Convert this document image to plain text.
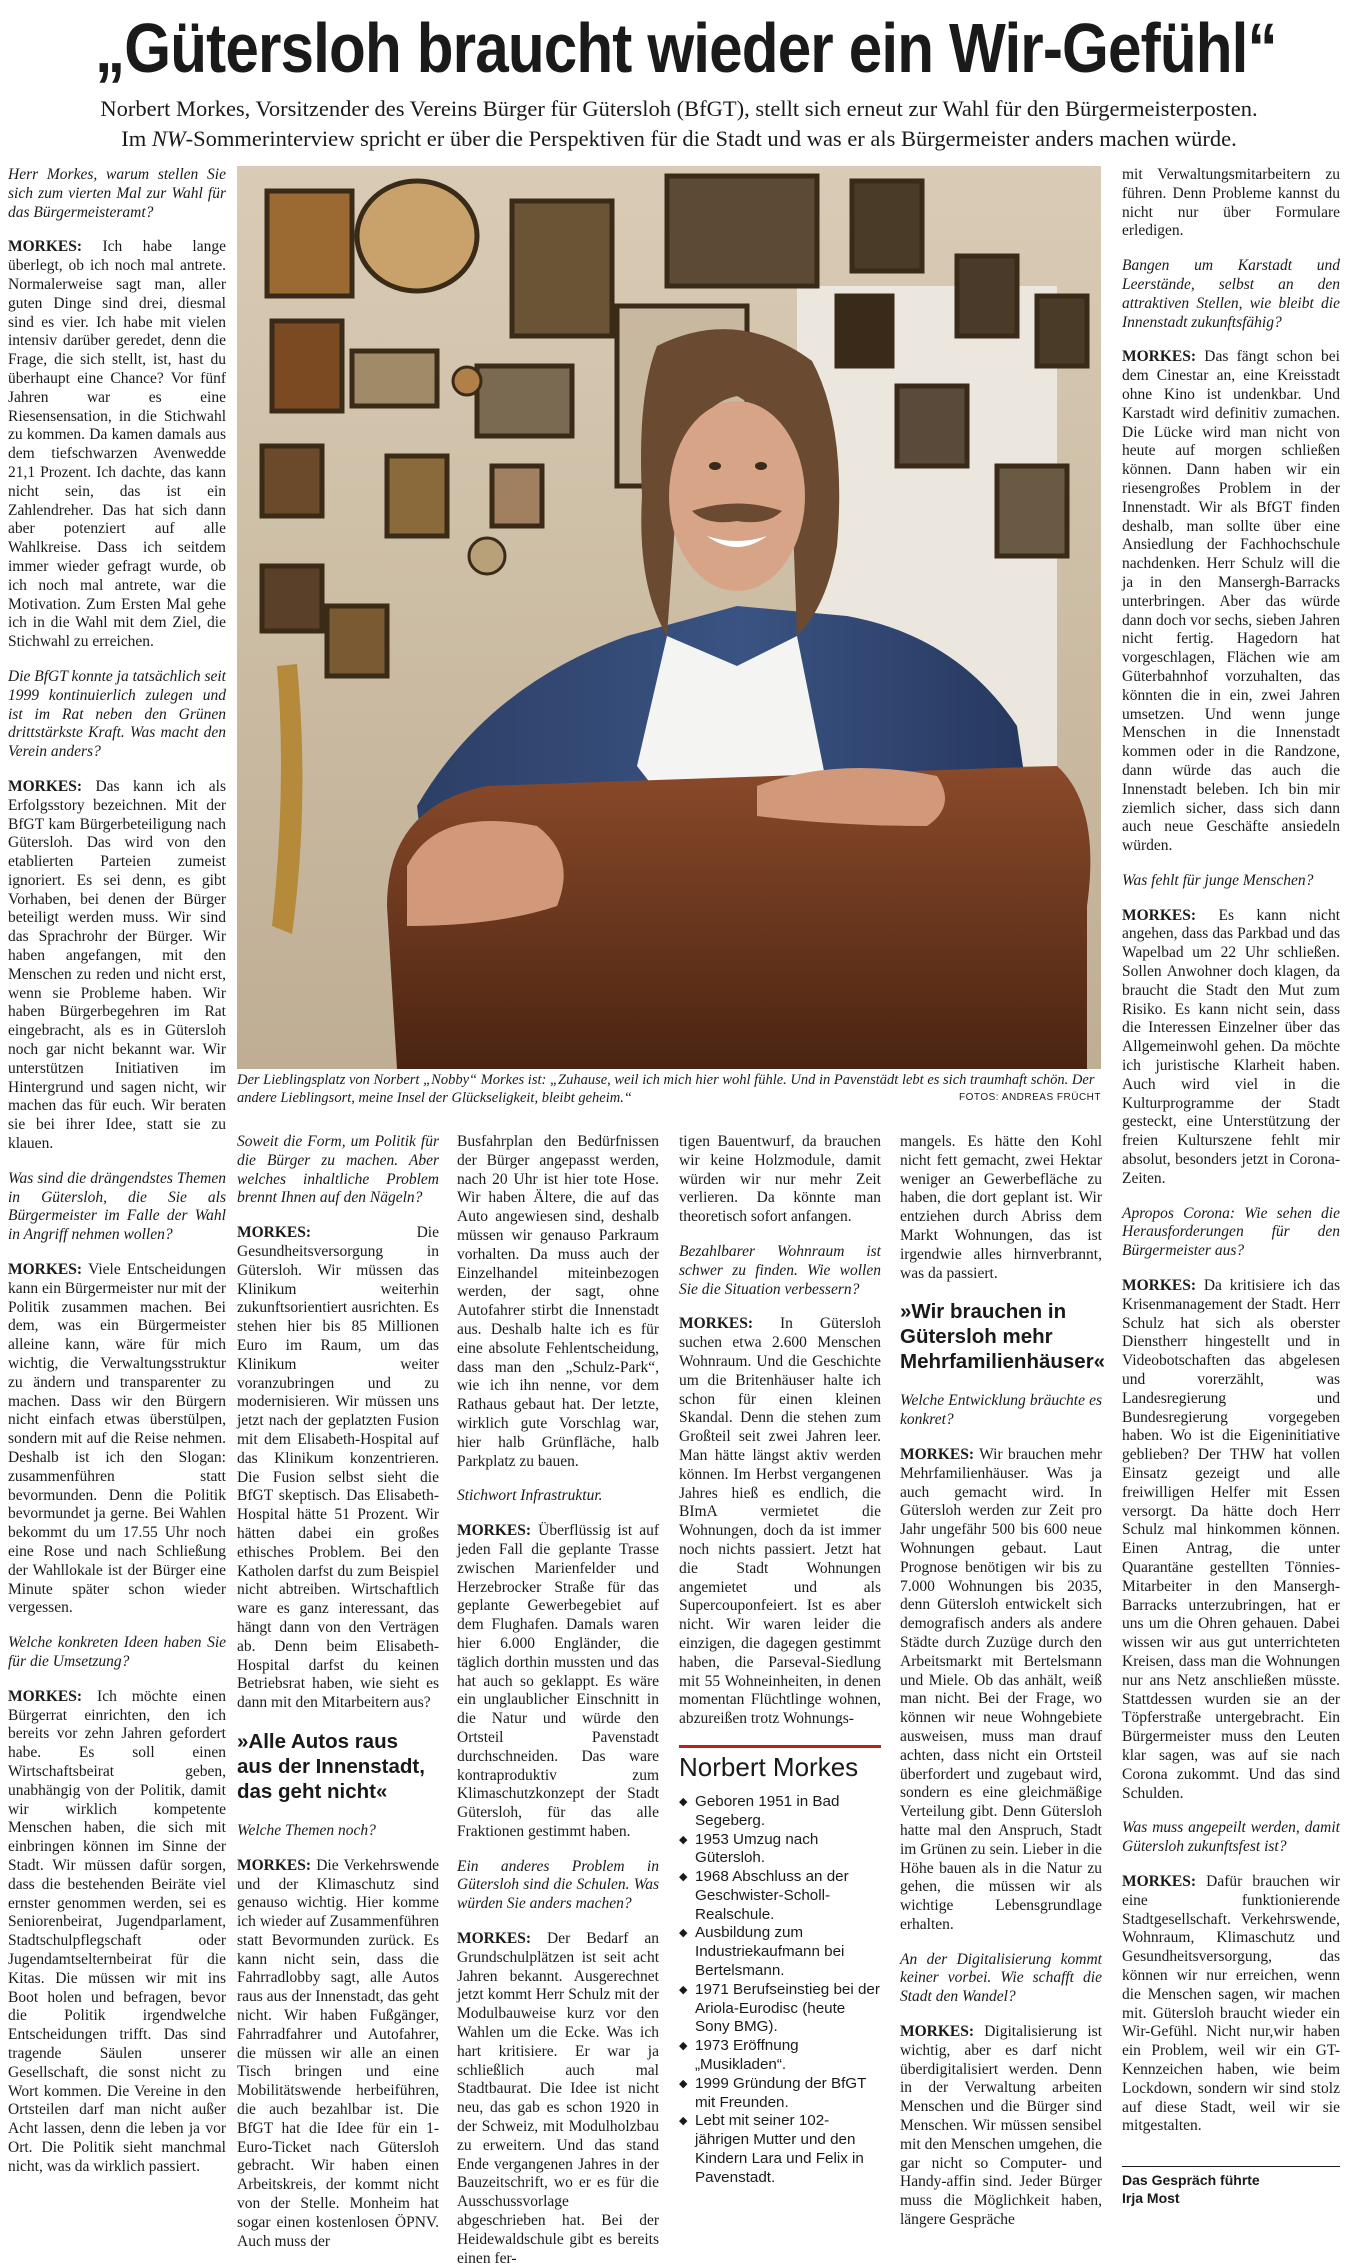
„Gütersloh braucht wieder ein Wir-Gefühl“

Norbert Morkes, Vorsitzender des Vereins Bürger für Gütersloh (BfGT), stellt sich erneut zur Wahl für den Bürgermeisterposten.

Im NW-Sommerinterview spricht er über die Perspektiven für die Stadt und was er als Bürgermeister anders machen würde.

Herr Morkes, warum stellen Sie sich zum vierten Mal zur Wahl für das Bürgermeisteramt?

MORKES: Ich habe lange überlegt, ob ich noch mal antrete. Normalerweise sagt man, aller guten Dinge sind drei, diesmal sind es vier. Ich habe mit vielen intensiv darüber geredet, denn die Frage, die sich stellt, ist, hast du überhaupt eine Chance? Vor fünf Jahren war es eine Riesensensation, in die Stichwahl zu kommen. Da kamen damals aus dem tiefschwarzen Avenwedde 21,1 Prozent. Ich dachte, das kann nicht sein, das ist ein Zahlendreher. Das hat sich dann aber potenziert auf alle Wahlkreise. Dass ich seitdem immer wieder gefragt wurde, ob ich noch mal antrete, war die Motivation. Zum Ersten Mal gehe ich in die Wahl mit dem Ziel, die Stichwahl zu erreichen.

Die BfGT konnte ja tatsächlich seit 1999 kontinuierlich zulegen und ist im Rat neben den Grünen drittstärkste Kraft. Was macht den Verein anders?

MORKES: Das kann ich als Erfolgsstory bezeichnen. Mit der BfGT kam Bürgerbeteiligung nach Gütersloh. Das wird von den etablierten Parteien zumeist ignoriert. Es sei denn, es gibt Vorhaben, bei denen der Bürger beteiligt werden muss. Wir sind das Sprachrohr der Bürger. Wir haben angefangen, mit den Menschen zu reden und nicht erst, wenn sie Probleme haben. Wir haben Bürgerbegehren im Rat eingebracht, als es in Gütersloh noch gar nicht bekannt war. Wir unterstützen Initiativen im Hintergrund und sagen nicht, wir machen das für euch. Wir beraten sie bei ihrer Idee, statt sie zu klauen.

Was sind die drängendstes Themen in Gütersloh, die Sie als Bürgermeister im Falle der Wahl in Angriff nehmen wollen?

MORKES: Viele Entscheidungen kann ein Bürgermeister nur mit der Politik zusammen machen. Bei dem, was ein Bürgermeister alleine kann, wäre für mich wichtig, die Verwaltungsstruktur zu ändern und transparenter zu machen. Dass wir den Bürgern nicht einfach etwas überstülpen, sondern mit auf die Reise nehmen. Deshalb ist ich den Slogan: zusammenführen statt bevormunden. Denn die Politik bevormundet ja gerne. Bei Wahlen bekommt du um 17.55 Uhr noch eine Rose und nach Schließung der Wahllokale ist der Bürger eine Minute später schon wieder vergessen.

Welche konkreten Ideen haben Sie für die Umsetzung?

MORKES: Ich möchte einen Bürgerrat einrichten, den ich bereits vor zehn Jahren gefordert habe. Es soll einen Wirtschaftsbeirat geben, unabhängig von der Politik, damit wir wirklich kompetente Menschen haben, die sich mit einbringen können im Sinne der Stadt. Wir müssen dafür sorgen, dass die bestehenden Beiräte viel ernster genommen werden, sei es Seniorenbeirat, Jugendparlament, Stadtschulpflegschaft oder Jugendamtselternbeirat für die Kitas. Die müssen wir mit ins Boot holen und befragen, bevor die Politik irgendwelche Entscheidungen trifft. Das sind tragende Säulen unserer Gesellschaft, die sonst nicht zu Wort kommen. Die Vereine in den Ortsteilen darf man nicht außer Acht lassen, denn die leben ja vor Ort. Die Politik sieht manchmal nicht, was da wirklich passiert.

Der Lieblingsplatz von Norbert „Nobby“ Morkes ist: „Zuhause, weil ich mich hier wohl fühle. Und in Pavenstädt lebt es sich traumhaft schön. Der andere Lieblingsort, meine Insel der Glückseligkeit, bleibt geheim.“	FOTOS: ANDREAS FRÜCHT

Soweit die Form, um Politik für die Bürger zu machen. Aber welches inhaltliche Problem brennt Ihnen auf den Nägeln?

MORKES:	Die Gesundheitsversorgung in Gütersloh. Wir müssen das Klinikum weiterhin zukunftsorientiert ausrichten. Es stehen hier bis 85 Millionen Euro im Raum, um das Klinikum weiter voranzubringen und zu modernisieren. Wir müssen uns jetzt nach der geplatzten Fusion mit dem Elisabeth-Hospital auf das Klinikum konzentrieren. Die Fusion selbst sieht die BfGT skeptisch. Das Elisabeth-Hospital hätte 51 Prozent. Wir hätten dabei ein großes ethisches Problem. Bei den Katholen darfst du zum Beispiel nicht abtreiben. Wirtschaftlich ware es ganz interessant, das hängt dann von den Verträgen ab. Denn beim Elisabeth-Hospital darfst du keinen Betriebsrat haben, wie sieht es dann mit den Mitarbeitern aus?

»Alle Autos raus aus der Innenstadt, das geht nicht«

Welche Themen noch?

MORKES: Die Verkehrswende und der Klimaschutz sind genauso wichtig. Hier komme ich wieder auf Zusammenführen statt Bevormunden zurück. Es kann nicht sein, dass die Fahrradlobby sagt, alle Autos raus aus der Innenstadt, das geht nicht. Wir haben Fußgänger, Fahrradfahrer und Autofahrer, die müssen wir alle an einen Tisch bringen und eine Mobilitätswende herbeiführen, die auch bezahlbar ist. Die BfGT hat die Idee für ein 1-Euro-Ticket nach Gütersloh gebracht. Wir haben einen Arbeitskreis, der kommt nicht von der Stelle. Monheim hat sogar einen kostenlosen ÖPNV. Auch muss der

Busfahrplan den Bedürfnissen der Bürger angepasst werden, nach 20 Uhr ist hier tote Hose. Wir haben Ältere, die auf das Auto angewiesen sind, deshalb müssen wir genauso Parkraum vorhalten. Da muss auch der Einzelhandel miteinbezogen werden, der sagt, ohne Autofahrer stirbt die Innenstadt aus. Deshalb halte ich es für eine absolute Fehlentscheidung, dass man den „Schulz-Park“, wie ich ihn nenne, vor dem Rathaus gebaut hat. Der letzte, wirklich gute Vorschlag war, hier halb Grünfläche, halb Parkplatz zu bauen.

Stichwort Infrastruktur.

MORKES: Überflüssig ist auf jeden Fall die geplante Trasse zwischen Marienfelder und Herzebrocker Straße für das geplante Gewerbegebiet auf dem Flughafen. Damals waren hier 6.000 Engländer, die täglich dorthin mussten und das hat auch so geklappt. Es wäre ein unglaublicher Einschnitt in die Natur und würde den Ortsteil Pavenstadt durchschneiden. Das ware kontraproduktiv zum Klimaschutzkonzept der Stadt Gütersloh, für das alle Fraktionen gestimmt haben.

Ein anderes Problem in Gütersloh sind die Schulen. Was würden Sie anders machen?

MORKES: Der Bedarf an Grundschulplätzen ist seit acht Jahren bekannt. Ausgerechnet jetzt kommt Herr Schulz mit der Modulbauweise kurz vor den Wahlen um die Ecke. Was ich hart kritisiere. Er war ja schließlich auch mal Stadtbaurat. Die Idee ist nicht neu, das gab es schon 1920 in der Schweiz, mit Modulholzbau zu erweitern. Und das stand Ende vergangenen Jahres in der Bauzeitschrift, wo er es für die Ausschussvorlage abgeschrieben hat. Bei der Heidewaldschule gibt es bereits einen fer-

tigen Bauentwurf, da brauchen wir keine Holzmodule, damit würden wir nur mehr Zeit verlieren. Da könnte man theoretisch sofort anfangen.

Bezahlbarer Wohnraum ist schwer zu finden. Wie wollen Sie die Situation verbessern?

MORKES: In Gütersloh suchen etwa 2.600 Menschen Wohnraum. Und die Geschichte um die Britenhäuser halte ich schon für einen kleinen Skandal. Denn die stehen zum Großteil seit zwei Jahren leer. Man hätte längst aktiv werden können. Im Herbst vergangenen Jahres hieß es endlich, die BImA vermietet die Wohnungen, doch da ist immer noch nichts passiert. Jetzt hat die Stadt Wohnungen angemietet und als Supercouponfeiert. Ist es aber nicht. Wir waren leider die einzigen, die dagegen gestimmt haben, die Parseval-Siedlung mit 55 Wohneinheiten, in denen momentan Flüchtlinge wohnen, abzureißen trotz Wohnungs-

Norbert Morkes
◆ Geboren 1951 in Bad Segeberg.
◆ 1953 Umzug nach Gütersloh.
◆ 1968 Abschluss an der Geschwister-Scholl-Realschule.
◆ Ausbildung zum Industriekaufmann bei Bertelsmann.
◆ 1971 Berufseinstieg bei der Ariola-Eurodisc (heute Sony BMG).
◆ 1973 Eröffnung „Musikladen“.
◆ 1999 Gründung der BfGT mit Freunden.
◆ Lebt mit seiner 102-jährigen Mutter und den Kindern Lara und Felix in Pavenstadt.

mangels. Es hätte den Kohl nicht fett gemacht, zwei Hektar weniger an Gewerbefläche zu haben, die dort geplant ist. Wir entziehen durch Abriss dem Markt Wohnungen, das ist irgendwie alles hirnverbrannt, was da passiert.

»Wir brauchen in Gütersloh mehr Mehrfamilienhäuser«

Welche Entwicklung bräuchte es konkret?

MORKES: Wir brauchen mehr Mehrfamilienhäuser. Was ja auch gemacht wird. In Gütersloh werden zur Zeit pro Jahr ungefähr 500 bis 600 neue Wohnungen gebaut. Laut Prognose benötigen wir bis zu 7.000 Wohnungen bis 2035, denn Gütersloh entwickelt sich demografisch anders als andere Städte durch Zuzüge durch den Arbeitsmarkt mit Bertelsmann und Miele. Ob das anhält, weiß man nicht. Bei der Frage, wo können wir neue Wohngebiete ausweisen, muss man drauf achten, dass nicht ein Ortsteil überfordert und zugebaut wird, sondern es eine gleichmäßige Verteilung gibt. Denn Gütersloh hatte mal den Anspruch, Stadt im Grünen zu sein. Lieber in die Höhe bauen als in die Natur zu gehen, die müssen wir als wichtige Lebensgrundlage erhalten.

An der Digitalisierung kommt keiner vorbei. Wie schafft die Stadt den Wandel?

MORKES: Digitalisierung ist wichtig, aber es darf nicht überdigitalisiert werden. Denn in der Verwaltung arbeiten Menschen und die Bürger sind Menschen. Wir müssen sensibel mit den Menschen umgehen, die gar nicht so Computer- und Handy-affin sind. Jeder Bürger muss die Möglichkeit haben, längere Gespräche

mit Verwaltungsmitarbeitern zu führen. Denn Probleme kannst du nicht nur über Formulare erledigen.

Bangen um Karstadt und Leerstände, selbst an den attraktiven Stellen, wie bleibt die Innenstadt zukunftsfähig?

MORKES: Das fängt schon bei dem Cinestar an, eine Kreisstadt ohne Kino ist undenkbar. Und Karstadt wird definitiv zumachen. Die Lücke wird man nicht von heute auf morgen schließen können. Dann haben wir ein riesengroßes Problem in der Innenstadt. Wir als BfGT finden deshalb, man sollte über eine Ansiedlung der Fachhochschule nachdenken. Herr Schulz will die ja in den Mansergh-Barracks unterbringen. Aber das würde dann doch vor sechs, sieben Jahren nicht fertig. Hagedorn hat vorgeschlagen, Flächen wie am Güterbahnhof vorzuhalten, das könnten die in ein, zwei Jahren umsetzen. Und wenn junge Menschen in die Innenstadt kommen oder in die Randzone, dann würde das auch die Innenstadt beleben. Ich bin mir ziemlich sicher, dass sich dann auch neue Geschäfte ansiedeln würden.

Was fehlt für junge Menschen?

MORKES: Es kann nicht angehen, dass das Parkbad und das Wapelbad um 22 Uhr schließen. Sollen Anwohner doch klagen, da braucht die Stadt den Mut zum Risiko. Es kann nicht sein, dass die Interessen Einzelner über das Allgemeinwohl gehen. Da möchte ich juristische Klarheit haben. Auch wird viel in die Kulturprogramme der Stadt gesteckt, eine Unterstützung der freien Kulturszene fehlt mir absolut, besonders jetzt in Corona-Zeiten.

Apropos Corona: Wie sehen die Herausforderungen für den Bürgermeister aus?

MORKES: Da kritisiere ich das Krisenmanagement der Stadt. Herr Schulz hat sich als oberster Dienstherr hingestellt und in Videobotschaften das abgelesen und vorerzählt, was Landesregierung und Bundesregierung vorgegeben haben. Wo ist die Eigeninitiative geblieben? Der THW hat vollen Einsatz gezeigt und alle freiwilligen Helfer mit Essen versorgt. Da hätte doch Herr Schulz mal hinkommen können. Einen Antrag, die unter Quarantäne gestellten Tönnies-Mitarbeiter in den Mansergh-Barracks unterzubringen, hat er uns um die Ohren gehauen. Dabei wissen wir aus gut unterrichteten Kreisen, dass man die Wohnungen nur ans Netz anschließen müsste. Stattdessen wurden sie an der Töpferstraße untergebracht. Ein Bürgermeister muss den Leuten klar sagen, was auf sie nach Corona zukommt. Und das sind Schulden.

Was muss angepeilt werden, damit Gütersloh zukunftsfest ist?

MORKES: Dafür brauchen wir eine funktionierende Stadtgesellschaft. Verkehrswende, Wohnraum, Klimaschutz und Gesundheitsversorgung, das können wir nur erreichen, wenn die Menschen sagen, wir machen mit. Gütersloh braucht wieder ein Wir-Gefühl. Nicht nur,wir haben ein Problem, weil wir ein GT-Kennzeichen haben, wie beim Lockdown, sondern wir sind stolz auf diese Stadt, weil wir sie mitgestalten.

Das Gespräch führte
Irja Most
